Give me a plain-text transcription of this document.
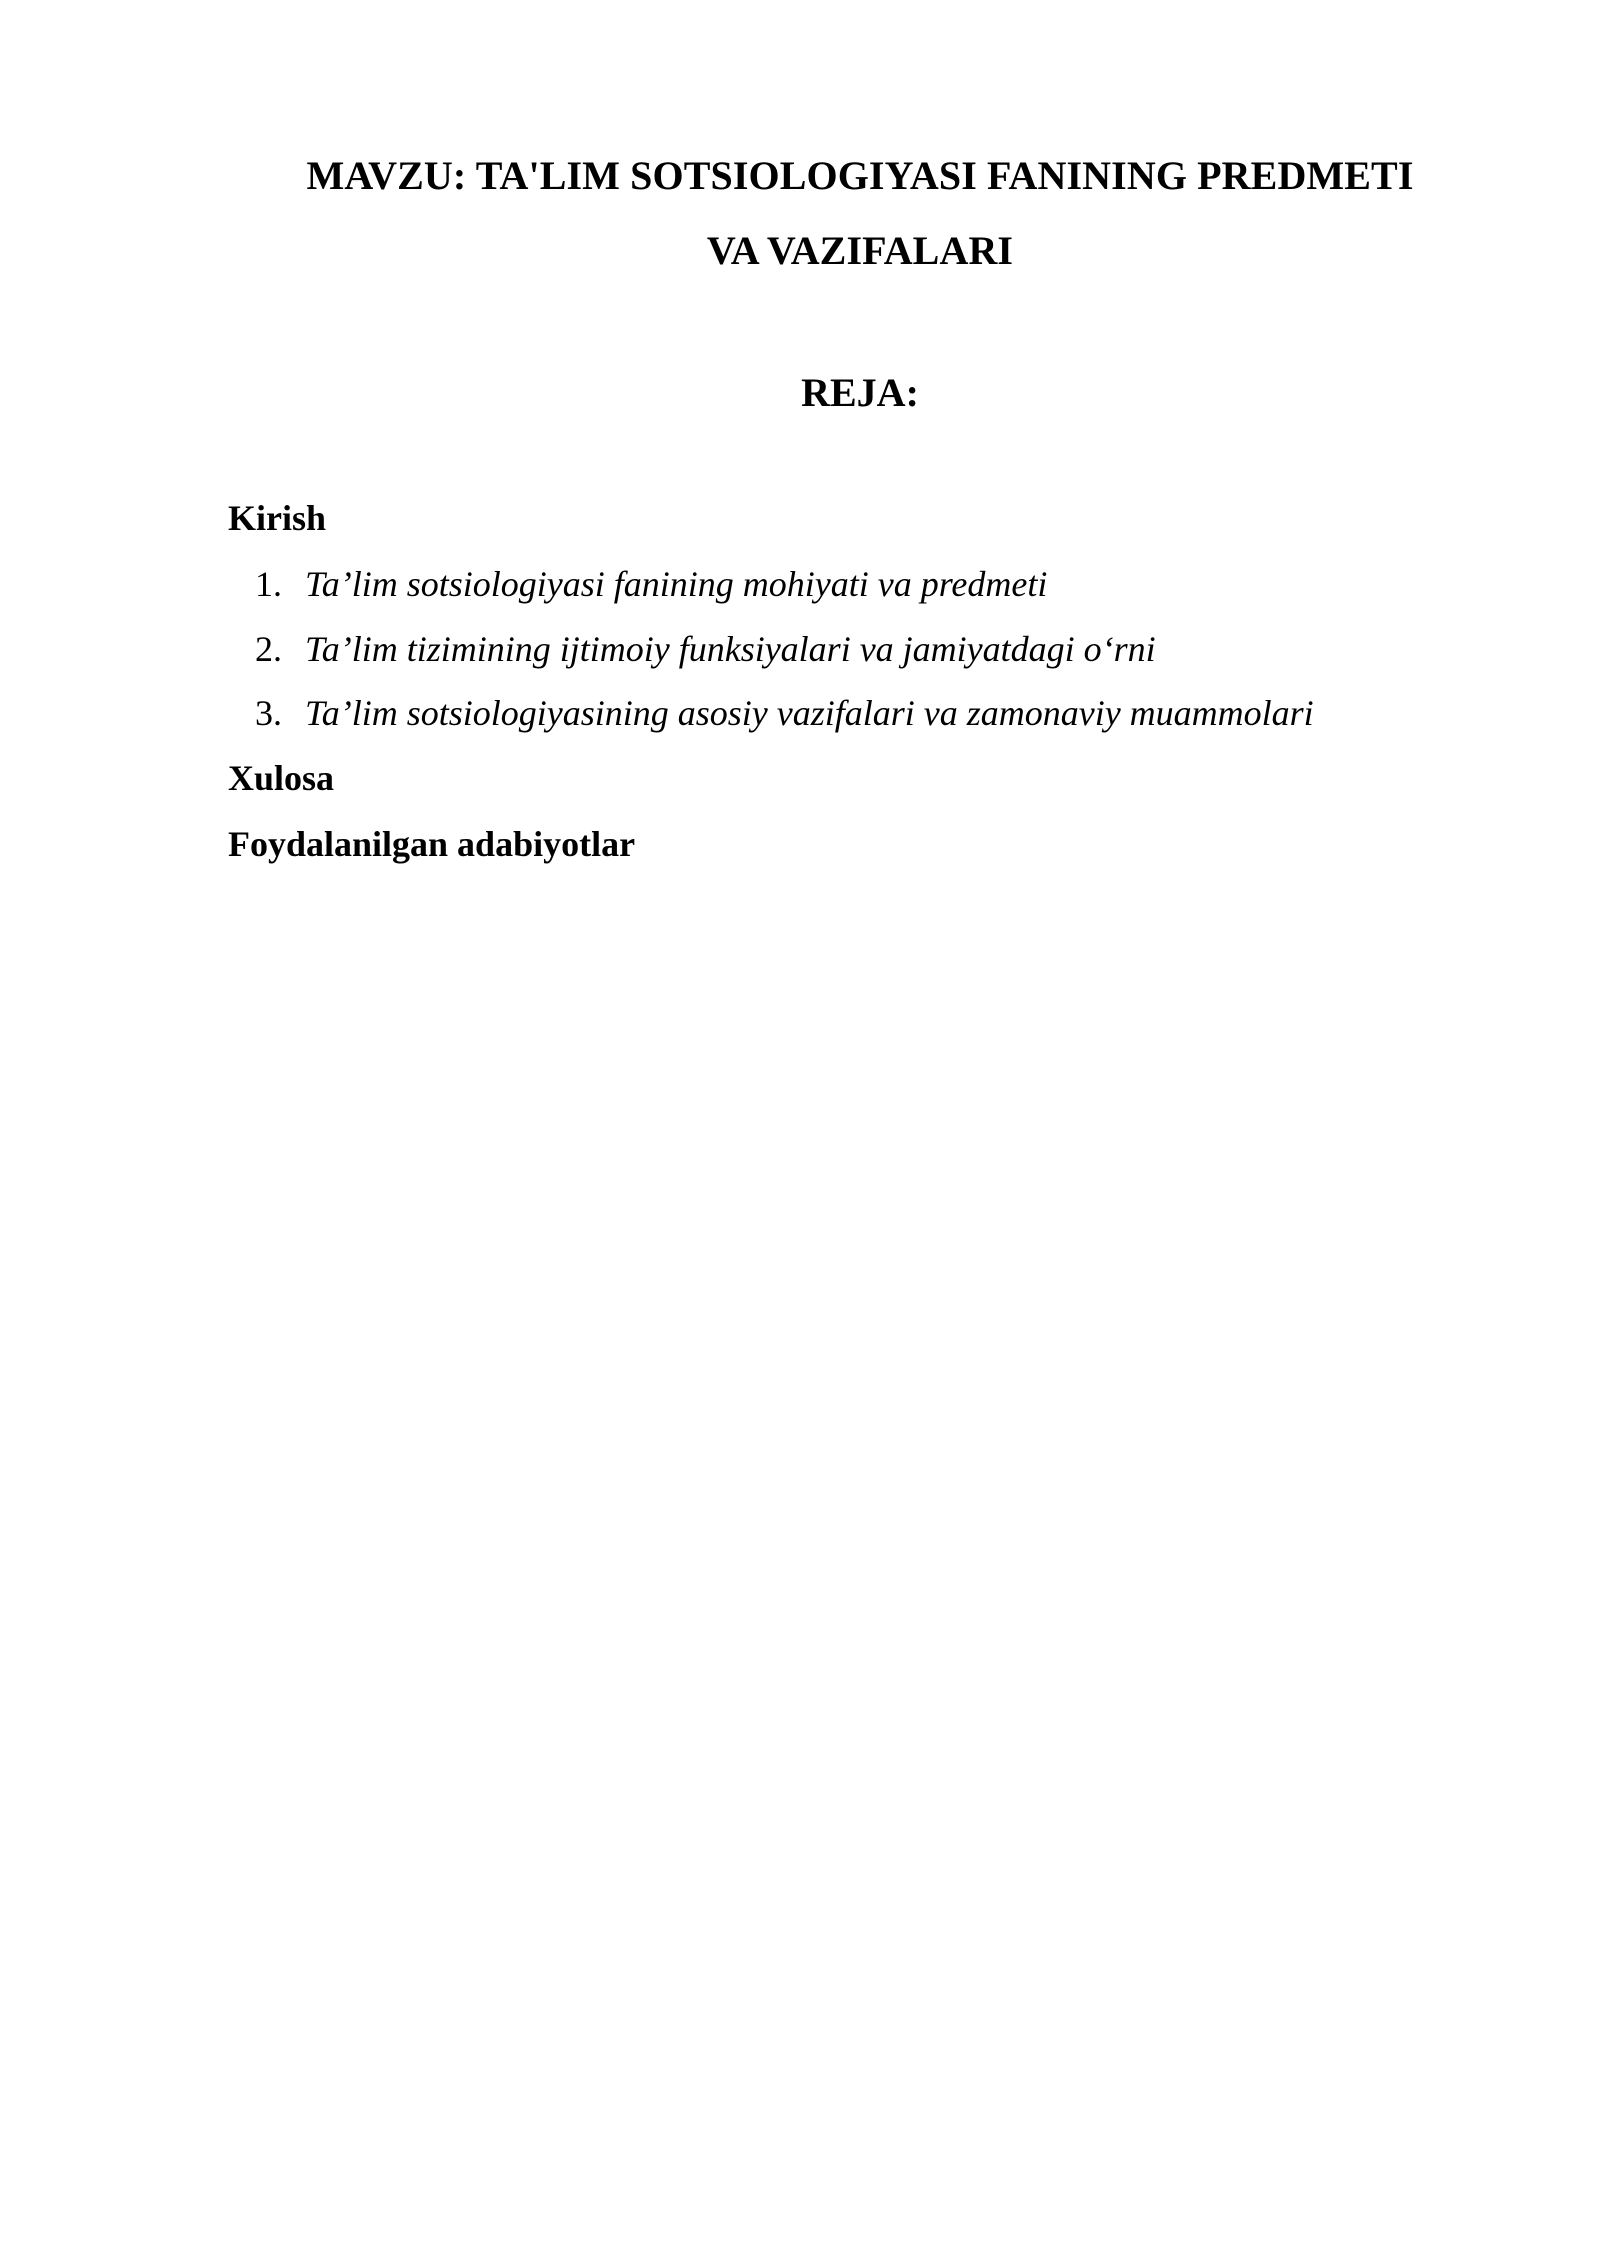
MAVZU: TA'LIM SOTSIOLOGIYASI FANINING PREDMETI
VA VAZIFALARI
REJA:
Kirish
1. Ta’lim sotsiologiyasi fanining mohiyati va predmeti
2. Ta’lim tizimining ijtimoiy funksiyalari va jamiyatdagi o‘rni
3. Ta’lim sotsiologiyasining asosiy vazifalari va zamonaviy muammolari
Xulosa
Foydalanilgan adabiyotlar
